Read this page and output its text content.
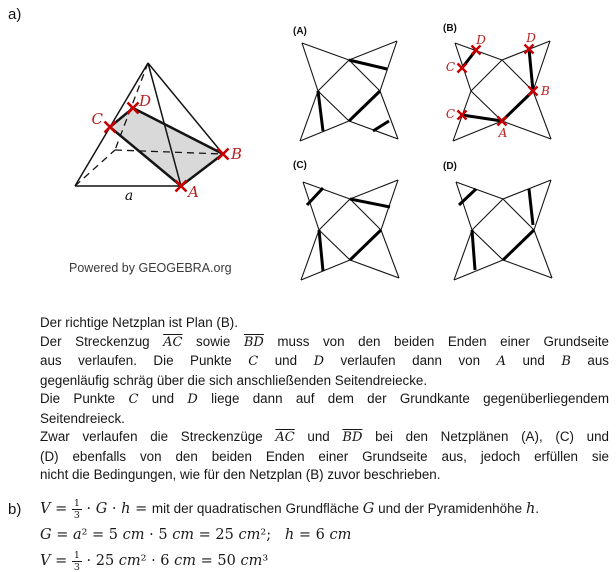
a)
C
D
B
A
a
Powered by GEOGEBRA.org
(A)	(B)
D
C
D
B
C
A
(C)	(D)
Der richtige Netzplan ist Plan (B).
Der Streckenzug $\overline{AC}$ sowie $\overline{BD}$ muss von den beiden Enden einer Grundseite
aus verlaufen. Die Punkte C und D verlaufen dann von A und B aus
gegenläufig schräg über die sich anschließenden Seitendreiecke.
Die Punkte C und D liege dann auf dem der Grundkante gegenüberliegendem
Seitendreieck.
Zwar verlaufen die Streckenzüge $\overline{AC}$ und $\overline{BD}$ bei den Netzplänen (A), (C) und
(D) ebenfalls von den beiden Enden einer Grundseite aus, jedoch erfüllen sie
nicht die Bedingungen, wie für den Netzplan (B) zuvor beschrieben.
b) $V = \frac{1}{3} \cdot G \cdot h$ = mit der quadratischen Grundfläche G und der Pyramidenhöhe h.
G = a² = 5 cm · 5 cm = 25 cm²;   h = 6 cm
$V = \frac{1}{3} \cdot 25$ cm² · 6 cm = 50 cm³
